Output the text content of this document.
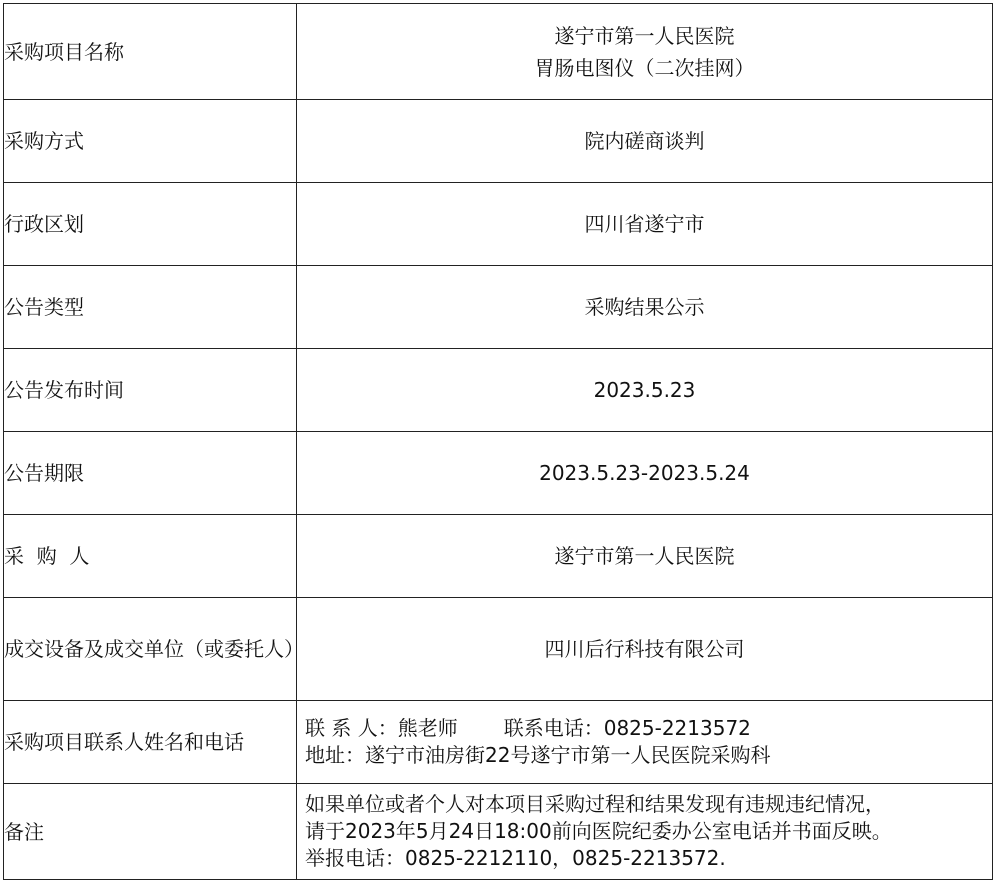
采购项目名称	遂宁市第一人民医院
胃肠电图仪（二次挂网）

采购方式	院内磋商谈判
行政区划	四川省遂宁市
公告类型	采购结果公示
公告发布时间	2023.5.23
公告期限	2023.5.23-2023.5.24
采  购  人	遂宁市第一人民医院
成交设备及成交单位（或委托人）	四川后行科技有限公司
采购项目联系人姓名和电话	联 系 人：熊老师 联系电话：0825-2213572
地址：遂宁市油房街22号遂宁市第一人民医院采购科

备注	如果单位或者个人对本项目采购过程和结果发现有违规违纪情况，
请于2023年5月24日18:00前向医院纪委办公室电话并书面反映。
举报电话：0825-2212110，0825-2213572.
